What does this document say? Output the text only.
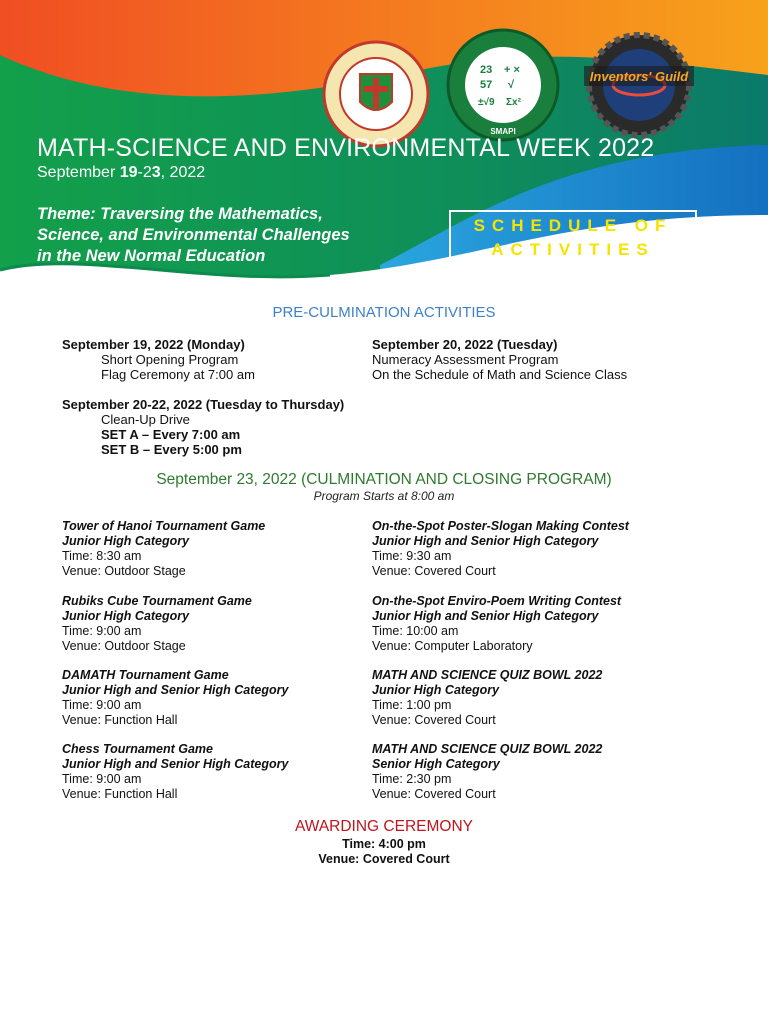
23 + ×
57 √
±√9 Σx²
SMAPI
Inventors' Guild
MATH-SCIENCE AND ENVIRONMENTAL WEEK 2022
September 19-23, 2022
Theme: Traversing the Mathematics,
Science, and Environmental Challenges
in the New Normal Education
SCHEDULE OF
ACTIVITIES
PRE-CULMINATION ACTIVITIES
September 19, 2022 (Monday)
Short Opening Program
Flag Ceremony at 7:00 am
September 20, 2022 (Tuesday)
Numeracy Assessment Program
On the Schedule of Math and Science Class
September 20-22, 2022 (Tuesday to Thursday)
Clean-Up Drive
SET A – Every 7:00 am
SET B – Every 5:00 pm
September 23, 2022 (CULMINATION AND CLOSING PROGRAM)
Program Starts at 8:00 am
Tower of Hanoi Tournament Game
Junior High Category
Time: 8:30 am
Venue: Outdoor Stage
On-the-Spot Poster-Slogan Making Contest
Junior High and Senior High Category
Time: 9:30 am
Venue: Covered Court
Rubiks Cube Tournament Game
Junior High Category
Time: 9:00 am
Venue: Outdoor Stage
On-the-Spot Enviro-Poem Writing Contest
Junior High and Senior High Category
Time: 10:00 am
Venue: Computer Laboratory
DAMATH Tournament Game
Junior High and Senior High Category
Time: 9:00 am
Venue: Function Hall
MATH AND SCIENCE QUIZ BOWL 2022
Junior High Category
Time: 1:00 pm
Venue: Covered Court
Chess Tournament Game
Junior High and Senior High Category
Time: 9:00 am
Venue: Function Hall
MATH AND SCIENCE QUIZ BOWL 2022
Senior High Category
Time: 2:30 pm
Venue: Covered Court
AWARDING CEREMONY
Time: 4:00 pm
Venue: Covered Court
